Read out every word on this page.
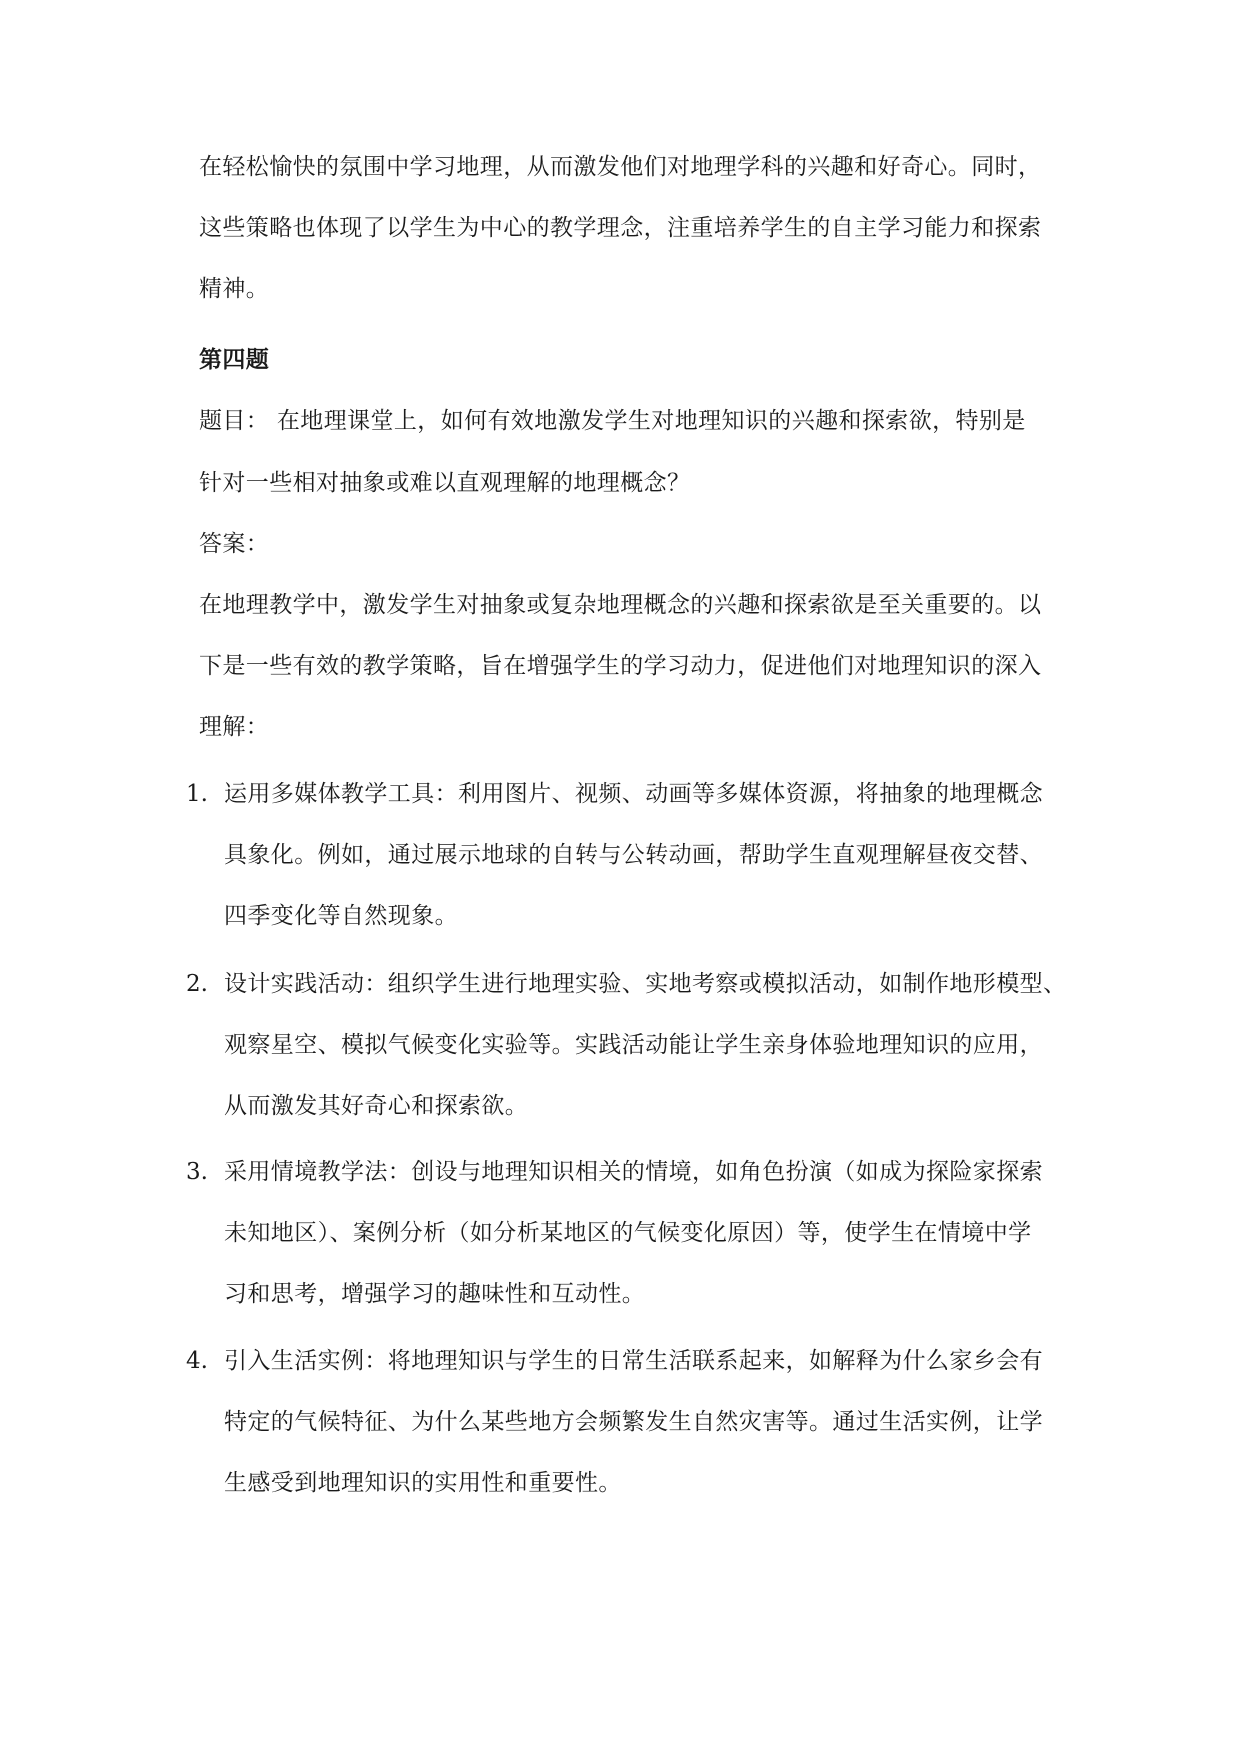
在轻松愉快的氛围中学习地理，从而激发他们对地理学科的兴趣和好奇心。同时，
这些策略也体现了以学生为中心的教学理念，注重培养学生的自主学习能力和探索
精神。
第四题
题目： 在地理课堂上，如何有效地激发学生对地理知识的兴趣和探索欲，特别是
针对一些相对抽象或难以直观理解的地理概念？
答案：
在地理教学中，激发学生对抽象或复杂地理概念的兴趣和探索欲是至关重要的。以
下是一些有效的教学策略，旨在增强学生的学习动力，促进他们对地理知识的深入
理解：
1. 运用多媒体教学工具：利用图片、视频、动画等多媒体资源，将抽象的地理概念
具象化。例如，通过展示地球的自转与公转动画，帮助学生直观理解昼夜交替、
四季变化等自然现象。
2. 设计实践活动：组织学生进行地理实验、实地考察或模拟活动，如制作地形模型、
观察星空、模拟气候变化实验等。实践活动能让学生亲身体验地理知识的应用，
从而激发其好奇心和探索欲。
3. 采用情境教学法：创设与地理知识相关的情境，如角色扮演（如成为探险家探索
未知地区）、案例分析（如分析某地区的气候变化原因）等，使学生在情境中学
习和思考，增强学习的趣味性和互动性。
4. 引入生活实例：将地理知识与学生的日常生活联系起来，如解释为什么家乡会有
特定的气候特征、为什么某些地方会频繁发生自然灾害等。通过生活实例，让学
生感受到地理知识的实用性和重要性。
